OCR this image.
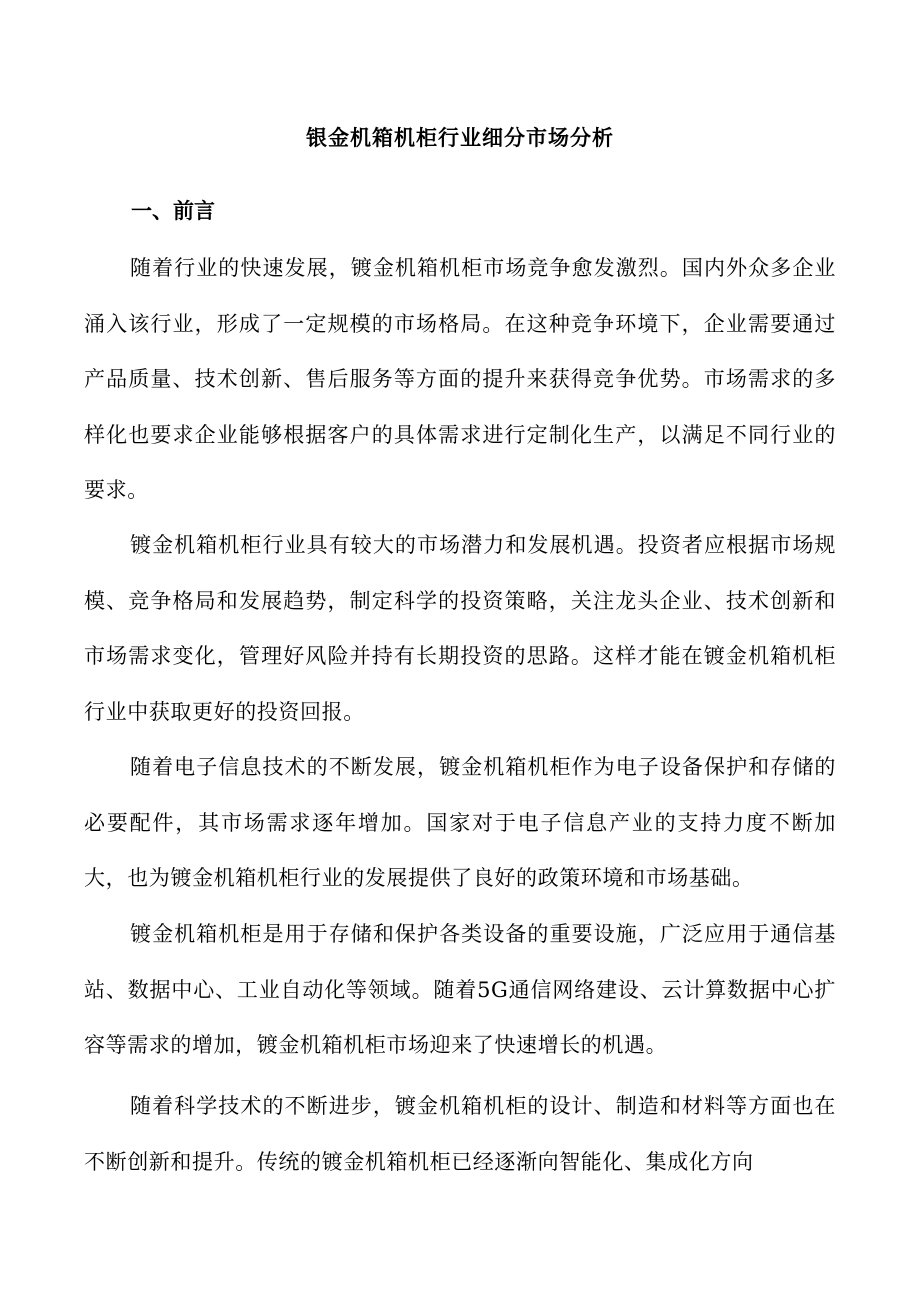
银金机箱机柜行业细分市场分析
一、前言

随着行业的快速发展，镀金机箱机柜市场竞争愈发激烈。国内外众多企业涌入该行业，形成了一定规模的市场格局。在这种竞争环境下，企业需要通过产品质量、技术创新、售后服务等方面的提升来获得竞争优势。市场需求的多样化也要求企业能够根据客户的具体需求进行定制化生产，以满足不同行业的要求。

镀金机箱机柜行业具有较大的市场潜力和发展机遇。投资者应根据市场规模、竞争格局和发展趋势，制定科学的投资策略，关注龙头企业、技术创新和市场需求变化，管理好风险并持有长期投资的思路。这样才能在镀金机箱机柜行业中获取更好的投资回报。

随着电子信息技术的不断发展，镀金机箱机柜作为电子设备保护和存储的必要配件，其市场需求逐年增加。国家对于电子信息产业的支持力度不断加大，也为镀金机箱机柜行业的发展提供了良好的政策环境和市场基础。

镀金机箱机柜是用于存储和保护各类设备的重要设施，广泛应用于通信基站、数据中心、工业自动化等领域。随着5G通信网络建设、云计算数据中心扩容等需求的增加，镀金机箱机柜市场迎来了快速增长的机遇。

随着科学技术的不断进步，镀金机箱机柜的设计、制造和材料等方面也在不断创新和提升。传统的镀金机箱机柜已经逐渐向智能化、集成化方向
